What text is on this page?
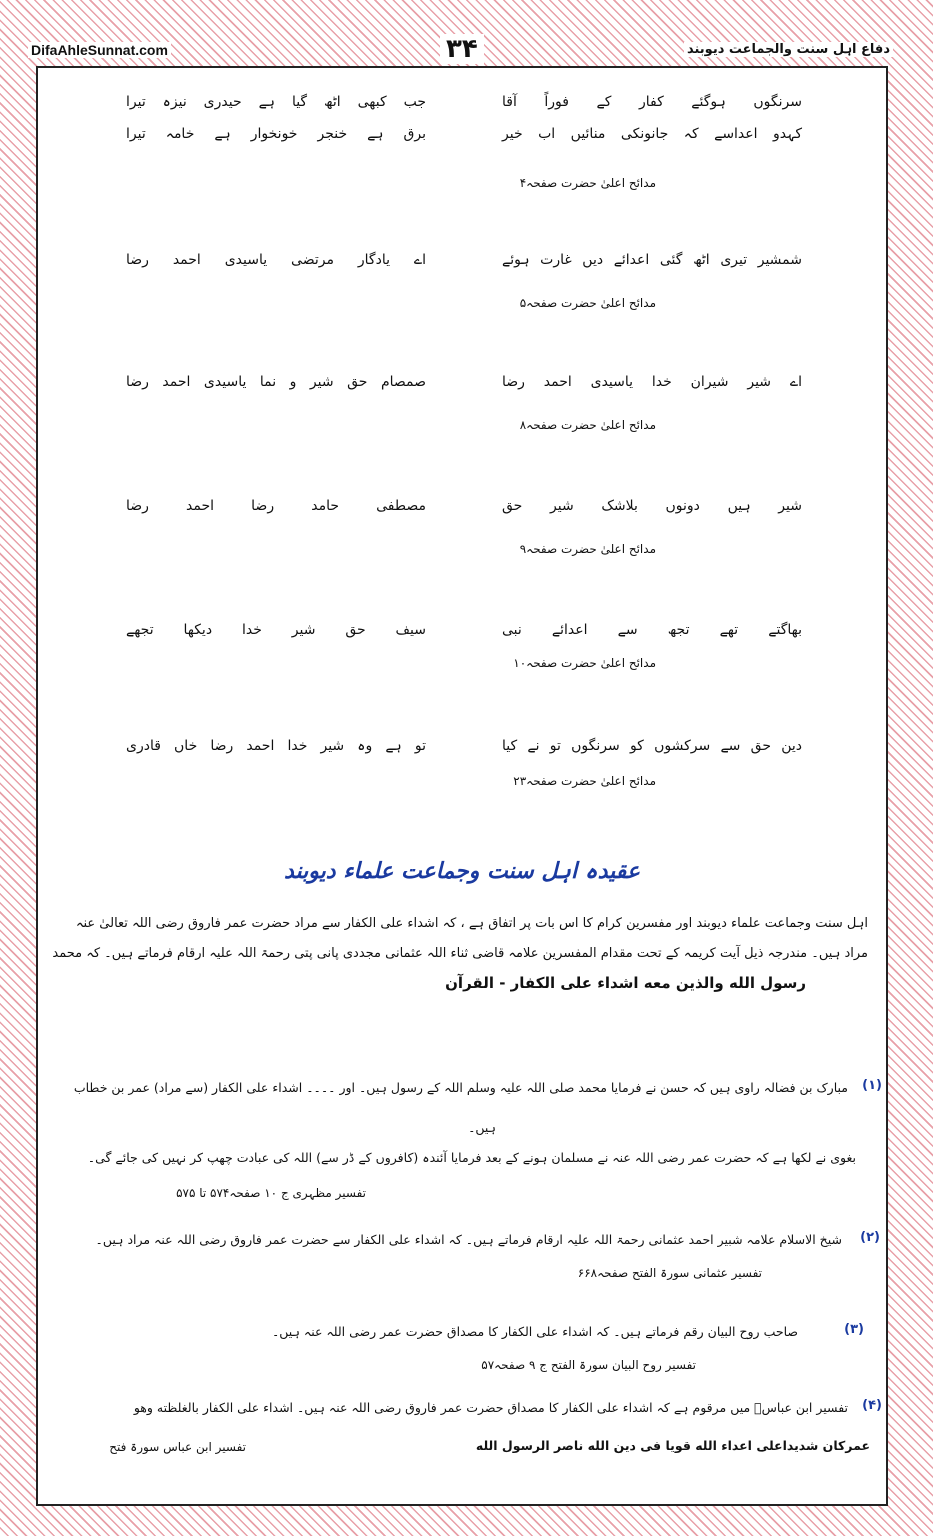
DifaAhleSunnat.com	۳۴	دفاع اہل سنت والجماعت دیوبند
سرنگوں ہوگئے کفار کے فوراً آقا
جب کبھی اٹھ گیا ہے حیدری نیزہ تیرا
کہدو اعداسے کہ جانونکی منائیں اب خیر
برق ہے خنجر خونخوار ہے خامہ تیرا
مدائح اعلیٰ حضرت صفحہ۴
شمشیر تیری اٹھ گئی اعدائے دیں غارت ہوئے
اے یادگار مرتضی یاسیدی احمد رضا
مدائح اعلیٰ حضرت صفحہ۵
اے شیر شیران خدا یاسیدی احمد رضا
صمصام حق شیر و نما یاسیدی احمد رضا
مدائح اعلیٰ حضرت صفحہ۸
شیر ہیں دونوں بلاشک شیر حق
مصطفی حامد رضا احمد رضا
مدائح اعلیٰ حضرت صفحہ۹
بھاگتے تھے تجھ سے اعدائے نبی
سیف حق شیر خدا دیکھا تجھے
مدائح اعلیٰ حضرت صفحہ۱۰
دین حق سے سرکشوں کو سرنگوں تو نے کیا
تو ہے وہ شیر خدا احمد رضا خاں قادری
مدائح اعلیٰ حضرت صفحہ۲۳
عقیدہ اہل سنت وجماعت علماء دیوبند
اہل سنت وجماعت علماء دیوبند اور مفسرین کرام کا اس بات پر اتفاق ہے ، کہ اشداء علی الکفار سے مراد حضرت عمر فاروق رضی اللہ تعالیٰ عنہ
مراد ہیں۔ مندرجہ ذیل آیت کریمہ کے تحت مقدام المفسرین علامہ قاضی ثناء اللہ عثمانی مجددی پانی پتی رحمۃ اللہ علیہ ارقام فرماتے ہیں۔ کہ محمد
رسول الله والذين معه اشداء على الكفار - القرآن
(۱)
مبارک بن فضالہ راوی ہیں کہ حسن نے فرمایا محمد صلی اللہ علیہ وسلم اللہ کے رسول ہیں۔ اور ۔۔۔۔ اشداء علی الکفار (سے مراد) عمر بن خطاب
ہیں۔
بغوی نے لکھا ہے کہ حضرت عمر رضی اللہ عنہ نے مسلمان ہونے کے بعد فرمایا آئندہ (کافروں کے ڈر سے) اللہ کی عبادت چھپ کر نہیں کی جائے گی۔
تفسیر مظہری ج ۱۰ صفحہ۵۷۴ تا ۵۷۵
(۲)
شیخ الاسلام علامہ شبیر احمد عثمانی رحمۃ اللہ علیہ ارقام فرماتے ہیں۔ کہ اشداء علی الکفار سے حضرت عمر فاروق رضی اللہ عنہ مراد ہیں۔
تفسیر عثمانی سورۃ الفتح صفحہ۶۶۸
(۳)
صاحب روح البیان رقم فرماتے ہیں۔ کہ اشداء علی الکفار کا مصداق حضرت عمر رضی اللہ عنہ ہیں۔
تفسیر روح البیان سورۃ الفتح ج ۹ صفحہ۵۷
(۴)
تفسیر ابن عباسؓ میں مرقوم ہے کہ اشداء علی الکفار کا مصداق حضرت عمر فاروق رضی اللہ عنہ ہیں۔ اشداء على الكفار بالغلظته وهو
تفسیر ابن عباس سورۃ فتح	عمركان شديداعلى اعداء الله قويا فى دين الله ناصر الرسول الله
